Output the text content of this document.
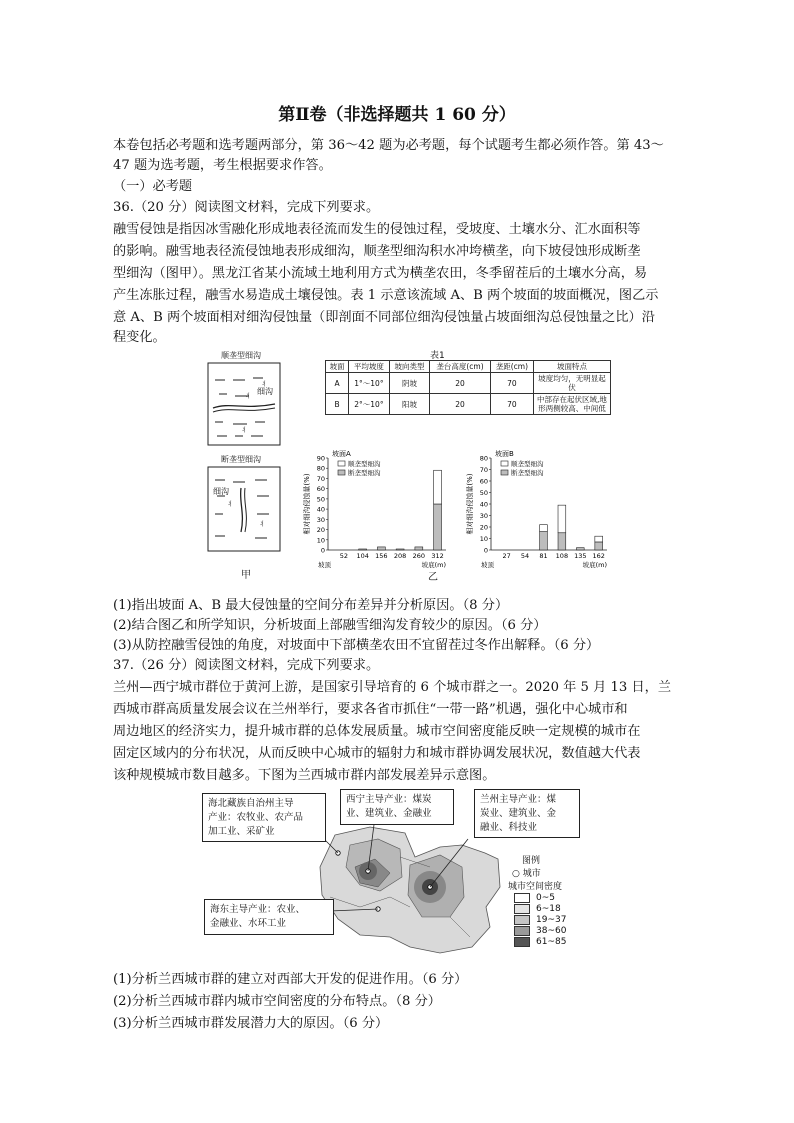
第Ⅱ卷（非选择题共 1 60 分）
本卷包括必考题和选考题两部分，第 36～42 题为必考题，每个试题考生都必须作答。第 43～
47 题为选考题，考生根据要求作答。
（一）必考题
36.（20 分）阅读图文材料，完成下列要求。
融雪侵蚀是指因冰雪融化形成地表径流而发生的侵蚀过程，受坡度、土壤水分、汇水面积等
的影响。融雪地表径流侵蚀地表形成细沟，顺垄型细沟积水冲垮横垄，向下坡侵蚀形成断垄
型细沟（图甲）。黑龙江省某小流域土地利用方式为横垄农田，冬季留茬后的土壤水分高，易
产生冻胀过程，融雪水易造成土壤侵蚀。表 1 示意该流域 A、B 两个坡面的坡面概况，图乙示
意 A、B 两个坡面相对细沟侵蚀量（即剖面不同部位细沟侵蚀量占坡面细沟总侵蚀量之比）沿
程变化。
顺垄型细沟
丬
丬
丬
细沟
断垄型细沟
丬
丬
细沟
甲
表1
坡面	平均坡度	坡向类型	垄台高度(cm)	垄距(cm)	坡面特点
A	1°～10°	阴坡	20	70	坡度均匀，无明显起伏
B	2°～10°	阳坡	20	70	中部存在起伏区域,地形两侧较高、中间低
0
10
20
30
40
50
60
70
80
90
52 104 156 208 260 312
坡面A
顺垄型细沟
断垄型细沟
坡顶	坡底(m)
相对细沟侵蚀量(%)
0
10
20
30
40
50
60
70
80
27 54 81 108 135 162
坡面B
顺垄型细沟
断垄型细沟
坡顶	坡底(m)
相对细沟侵蚀量(%)
乙
(1)指出坡面 A、B 最大侵蚀量的空间分布差异并分析原因。（8 分）
(2)结合图乙和所学知识，分析坡面上部融雪细沟发育较少的原因。（6 分）
(3)从防控融雪侵蚀的角度，对坡面中下部横垄农田不宜留茬过冬作出解释。（6 分）
37.（26 分）阅读图文材料，完成下列要求。
兰州—西宁城市群位于黄河上游，是国家引导培育的 6 个城市群之一。2020 年 5 月 13 日，兰
西城市群高质量发展会议在兰州举行，要求各省市抓住“一带一路”机遇，强化中心城市和
周边地区的经济实力，提升城市群的总体发展质量。城市空间密度能反映一定规模的城市在
固定区域内的分布状况，从而反映中心城市的辐射力和城市群协调发展状况，数值越大代表
该种规模城市数目越多。下图为兰西城市群内部发展差异示意图。
海北藏族自治州主导
产业：农牧业、农产品
加工业、采矿业
西宁主导产业：煤炭
业、建筑业、金融业
兰州主导产业：煤
炭业、建筑业、金
融业、科技业
海东主导产业：农业、
金融业、水环工业
图例
○ 城市
城市空间密度
0~5
6~18
19~37
38~60
61~85
(1)分析兰西城市群的建立对西部大开发的促进作用。（6 分）
(2)分析兰西城市群内城市空间密度的分布特点。（8 分）
(3)分析兰西城市群发展潜力大的原因。（6 分）
